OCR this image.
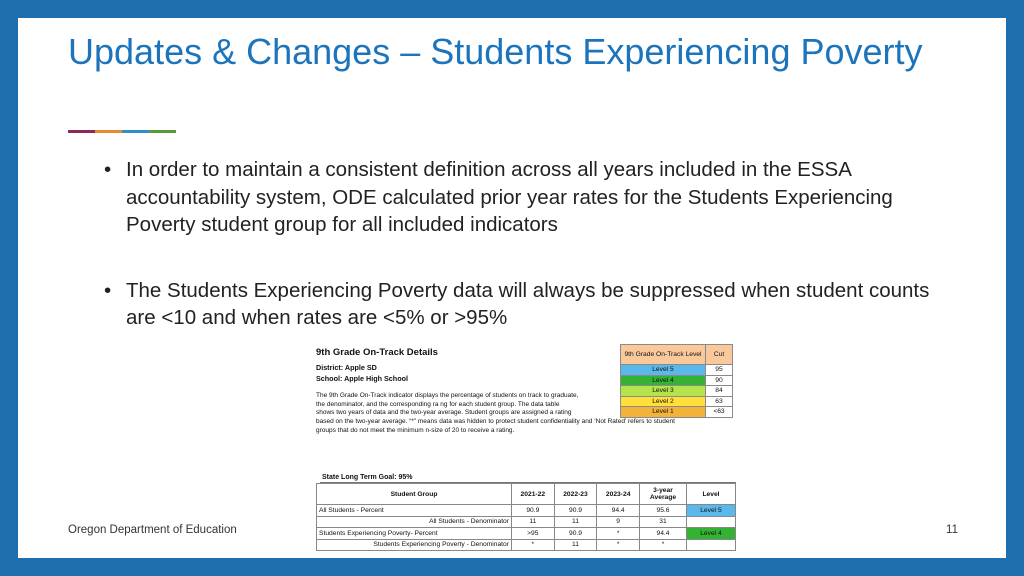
Updates & Changes – Students Experiencing Poverty
• In order to maintain a consistent definition across all years included in the ESSA accountability system, ODE calculated prior year rates for the Students Experiencing Poverty student group for all included indicators
• The Students Experiencing Poverty data will always be suppressed when student counts are <10 and when rates are <5% or >95%
9th Grade On-Track Details
District: Apple SD
School: Apple High School
The 9th Grade On-Track indicator displays the percentage of students on track to graduate,
the denominator, and the corresponding ra ng for each student group. The data table
shows two years of data and the two-year average. Student groups are assigned a rating
based on the two-year average. “*” means data was hidden to protect student confidentiality and ‘Not Rated’ refers to student
groups that do not meet the minimum n-size of 20 to receive a rating.
9th Grade On-Track Level	Cut
Level 5	95
Level 4	90
Level 3	84
Level 2	63
Level 1	<63
State Long Term Goal: 95%
Student Group	2021-22	2022-23	2023-24	3-year Average	Level
All Students - Percent	90.9	90.9	94.4	95.6	Level 5
All Students - Denominator	11	11	9	31	
Students Experiencing Poverty- Percent	>95	90.9	*	94.4	Level 4
Students Experiencing Poverty - Denominator	*	11	*	*	
Oregon Department of Education	11
